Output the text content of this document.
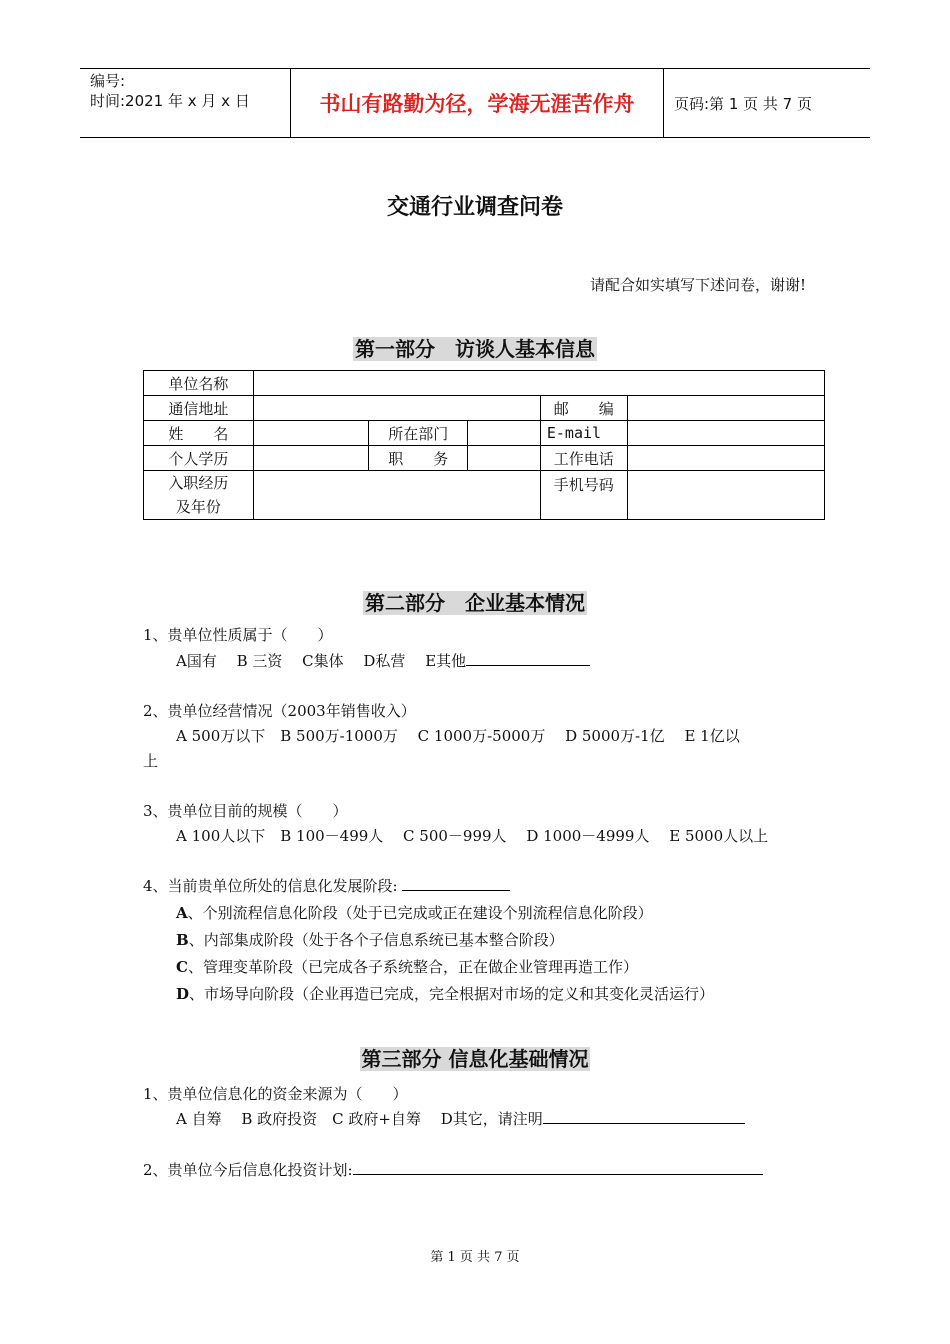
编号:
时间:2021 年 x 月 x 日	书山有路勤为径，学海无涯苦作舟	页码:第 1 页 共 7 页
交通行业调查问卷
请配合如实填写下述问卷，谢谢!
第一部分　访谈人基本信息
单位名称					
通信地址				邮　　编	
姓　　名		所在部门		E-mail	
个人学历		职　　务		工作电话	

入职经历
及年份				手机号码	
第二部分　企业基本情况
1、贵单位性质属于（　　）
A国有　 B 三资　 C集体　 D私营　 E其他
2、贵单位经营情况（2003年销售收入）
A 500万以下　B 500万-1000万　 C 1000万-5000万　 D 5000万-1亿　 E 1亿以
上
3、贵单位目前的规模（　　）
A 100人以下　B 100－499人　 C 500－999人　 D 1000－4999人　 E 5000人以上
4、当前贵单位所处的信息化发展阶段:
A、个别流程信息化阶段（处于已完成或正在建设个别流程信息化阶段）
B、内部集成阶段（处于各个子信息系统已基本整合阶段）
C、管理变革阶段（已完成各子系统整合，正在做企业管理再造工作）
D、市场导向阶段（企业再造已完成，完全根据对市场的定义和其变化灵活运行）
第三部分 信息化基础情况
1、贵单位信息化的资金来源为（　　）
A 自筹　 B 政府投资　C 政府+自筹　 D其它，请注明
2、贵单位今后信息化投资计划:
第 1 页 共 7 页
